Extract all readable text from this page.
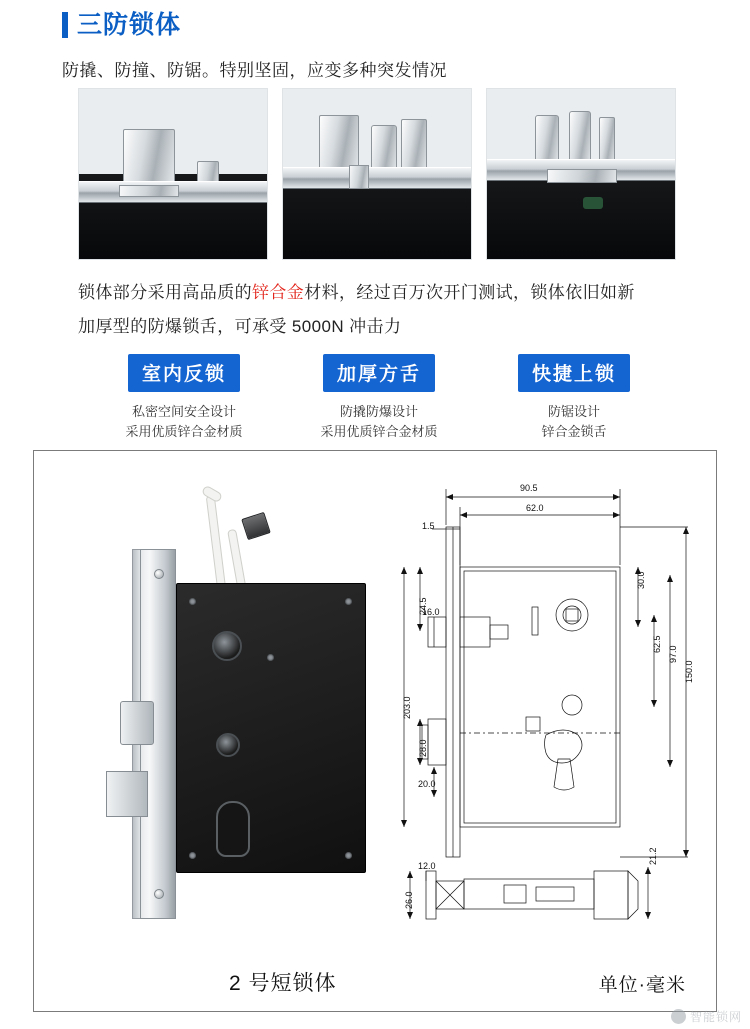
三防锁体
防撬、防撞、防锯。特别坚固，应变多种突发情况
锁体部分采用高品质的锌合金材料，经过百万次开门测试，锁体依旧如新
加厚型的防爆锁舌，可承受 5000N 冲击力
室内反锁
私密空间安全设计
采用优质锌合金材质
加厚方舌
防撬防爆设计
采用优质锌合金材质
快捷上锁
防锯设计
锌合金锁舌
90.5
62.0
1.5
24.5
16.0
203.0
28.0
20.0
30.0
62.5
97.0
150.0
12.0
26.0
21.2
2 号短锁体	单位·毫米
智能锁网
